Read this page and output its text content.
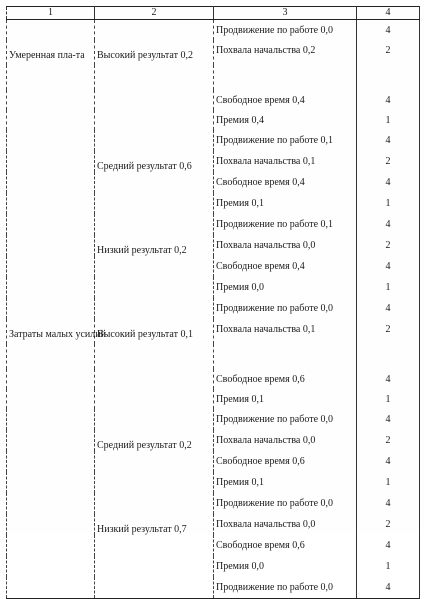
1	2	3	4
		Продвижение по работе 0,0	4
Умеренная пла-та	Высокий результат 0,2	Похвала начальства 0,2	2

		Свободное время 0,4	4
		Премия 0,4	1
		Продвижение по работе 0,1	4
	Средний результат 0,6	Похвала начальства 0,1	2
		Свободное время 0,4	4
		Премия 0,1	1
		Продвижение по работе 0,1	4
	Низкий результат 0,2	Похвала начальства 0,0	2
		Свободное время 0,4	4
		Премия 0,0	1
		Продвижение по работе 0,0	4
Затраты малых усилий	Высокий результат 0,1	Похвала начальства 0,1	2

		Свободное время 0,6	4
		Премия 0,1	1
		Продвижение по работе 0,0	4
	Средний результат 0,2	Похвала начальства 0,0	2
		Свободное время 0,6	4
		Премия 0,1	1
		Продвижение по работе 0,0	4
	Низкий результат 0,7	Похвала начальства 0,0	2
		Свободное время 0,6	4
		Премия 0,0	1
		Продвижение по работе 0,0	4
